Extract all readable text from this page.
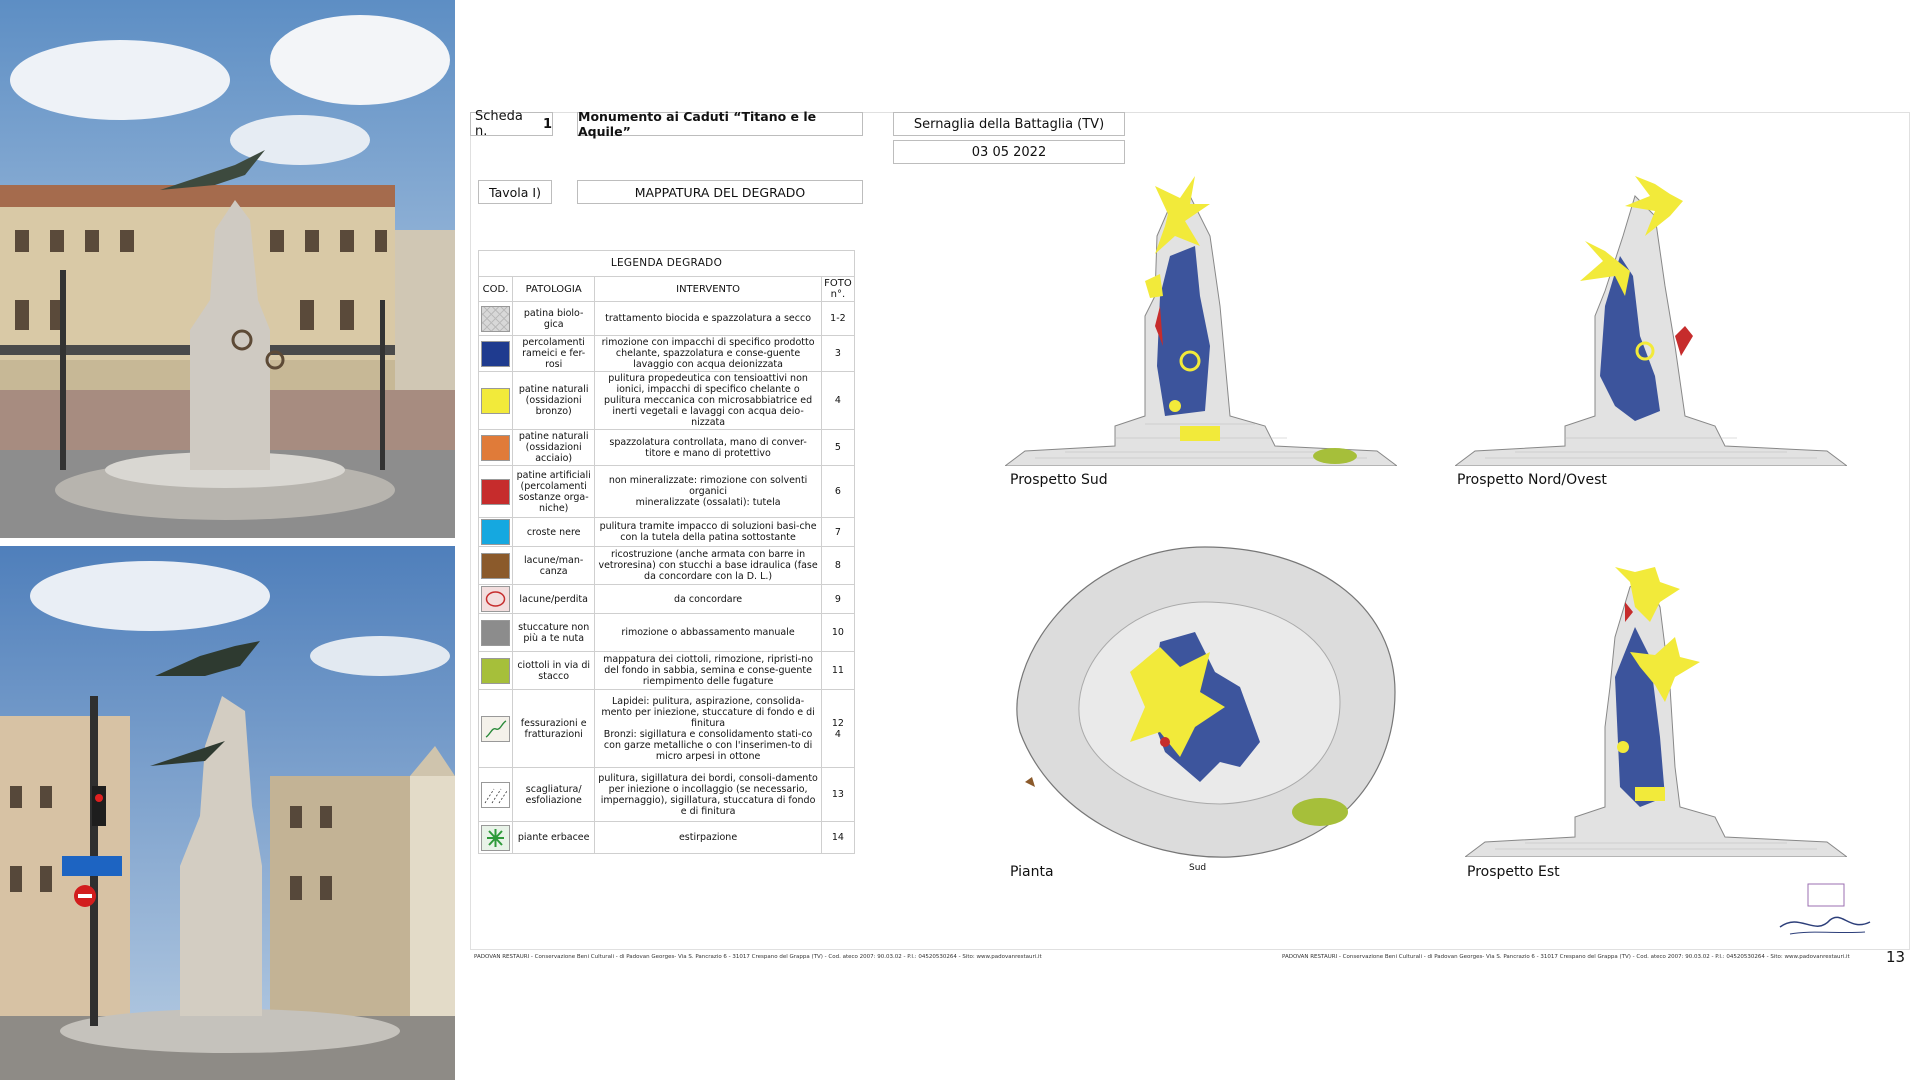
Scheda n.
	1 Monumento ai Caduti “Titano e le Aquile”	Sernaglia della Battaglia (TV)
03 05 2022
Tavola I)	MAPPATURA DEL DEGRADO
LEGENDA DEGRADO			
COD.	PATOLOGIA	INTERVENTO	FOTO n°.

	patina biolo-gica	trattamento biocida e spazzolatura a secco	1-2

	percolamenti rameici e fer-rosi	rimozione con impacchi di specifico prodotto chelante, spazzolatura e conse-guente lavaggio con acqua deionizzata	3

	patine naturali (ossidazioni bronzo)	pulitura propedeutica con tensioattivi non ionici, impacchi di specifico chelante o pulitura meccanica con microsabbiatrice ed inerti vegetali e lavaggi con acqua deio-nizzata	4

	patine naturali (ossidazioni acciaio)	spazzolatura controllata, mano di conver-titore e mano di protettivo	5

	patine artificiali (percolamenti sostanze orga-niche)	non mineralizzate: rimozione con solventi organici
mineralizzate (ossalati): tutela	6

	croste nere	pulitura tramite impacco di soluzioni basi-che con la tutela della patina sottostante	7

	lacune/man-canza	ricostruzione (anche armata con barre in vetroresina) con stucchi a base idraulica (fase da concordare con la D. L.)	8

	lacune/perdita	da concordare	9

	stuccature non più a te nuta	rimozione o abbassamento manuale	10

	ciottoli in via di stacco	mappatura dei ciottoli, rimozione, ripristi-no del fondo in sabbia, semina e conse-guente riempimento delle fugature	11

	fessurazioni e fratturazioni	Lapidei: pulitura, aspirazione, consolida-mento per iniezione, stuccature di fondo e di finitura
Bronzi: sigillatura e consolidamento stati-co con garze metalliche o con l'inserimen-to di micro arpesi in ottone	12
4

	scagliatura/ esfoliazione	pulitura, sigillatura dei bordi, consoli-damento per iniezione o incollaggio (se necessario, impernaggio), sigillatura, stuccatura di fondo e di finitura	13

	piante erbacee	estirpazione	14
Prospetto Sud	Prospetto Nord/Ovest
Pianta	Sud	Prospetto Est
PADOVAN RESTAURI - Conservazione Beni Culturali - di Padovan Georges- Via S. Pancrazio 6 - 31017 Crespano del Grappa (TV) - Cod. ateco 2007: 90.03.02 - P.I.: 04520530264 - Sito: www.padovanrestauri.it	PADOVAN RESTAURI - Conservazione Beni Culturali - di Padovan Georges- Via S. Pancrazio 6 - 31017 Crespano del Grappa (TV) - Cod. ateco 2007: 90.03.02 - P.I.: 04520530264 - Sito: www.padovanrestauri.it 13
